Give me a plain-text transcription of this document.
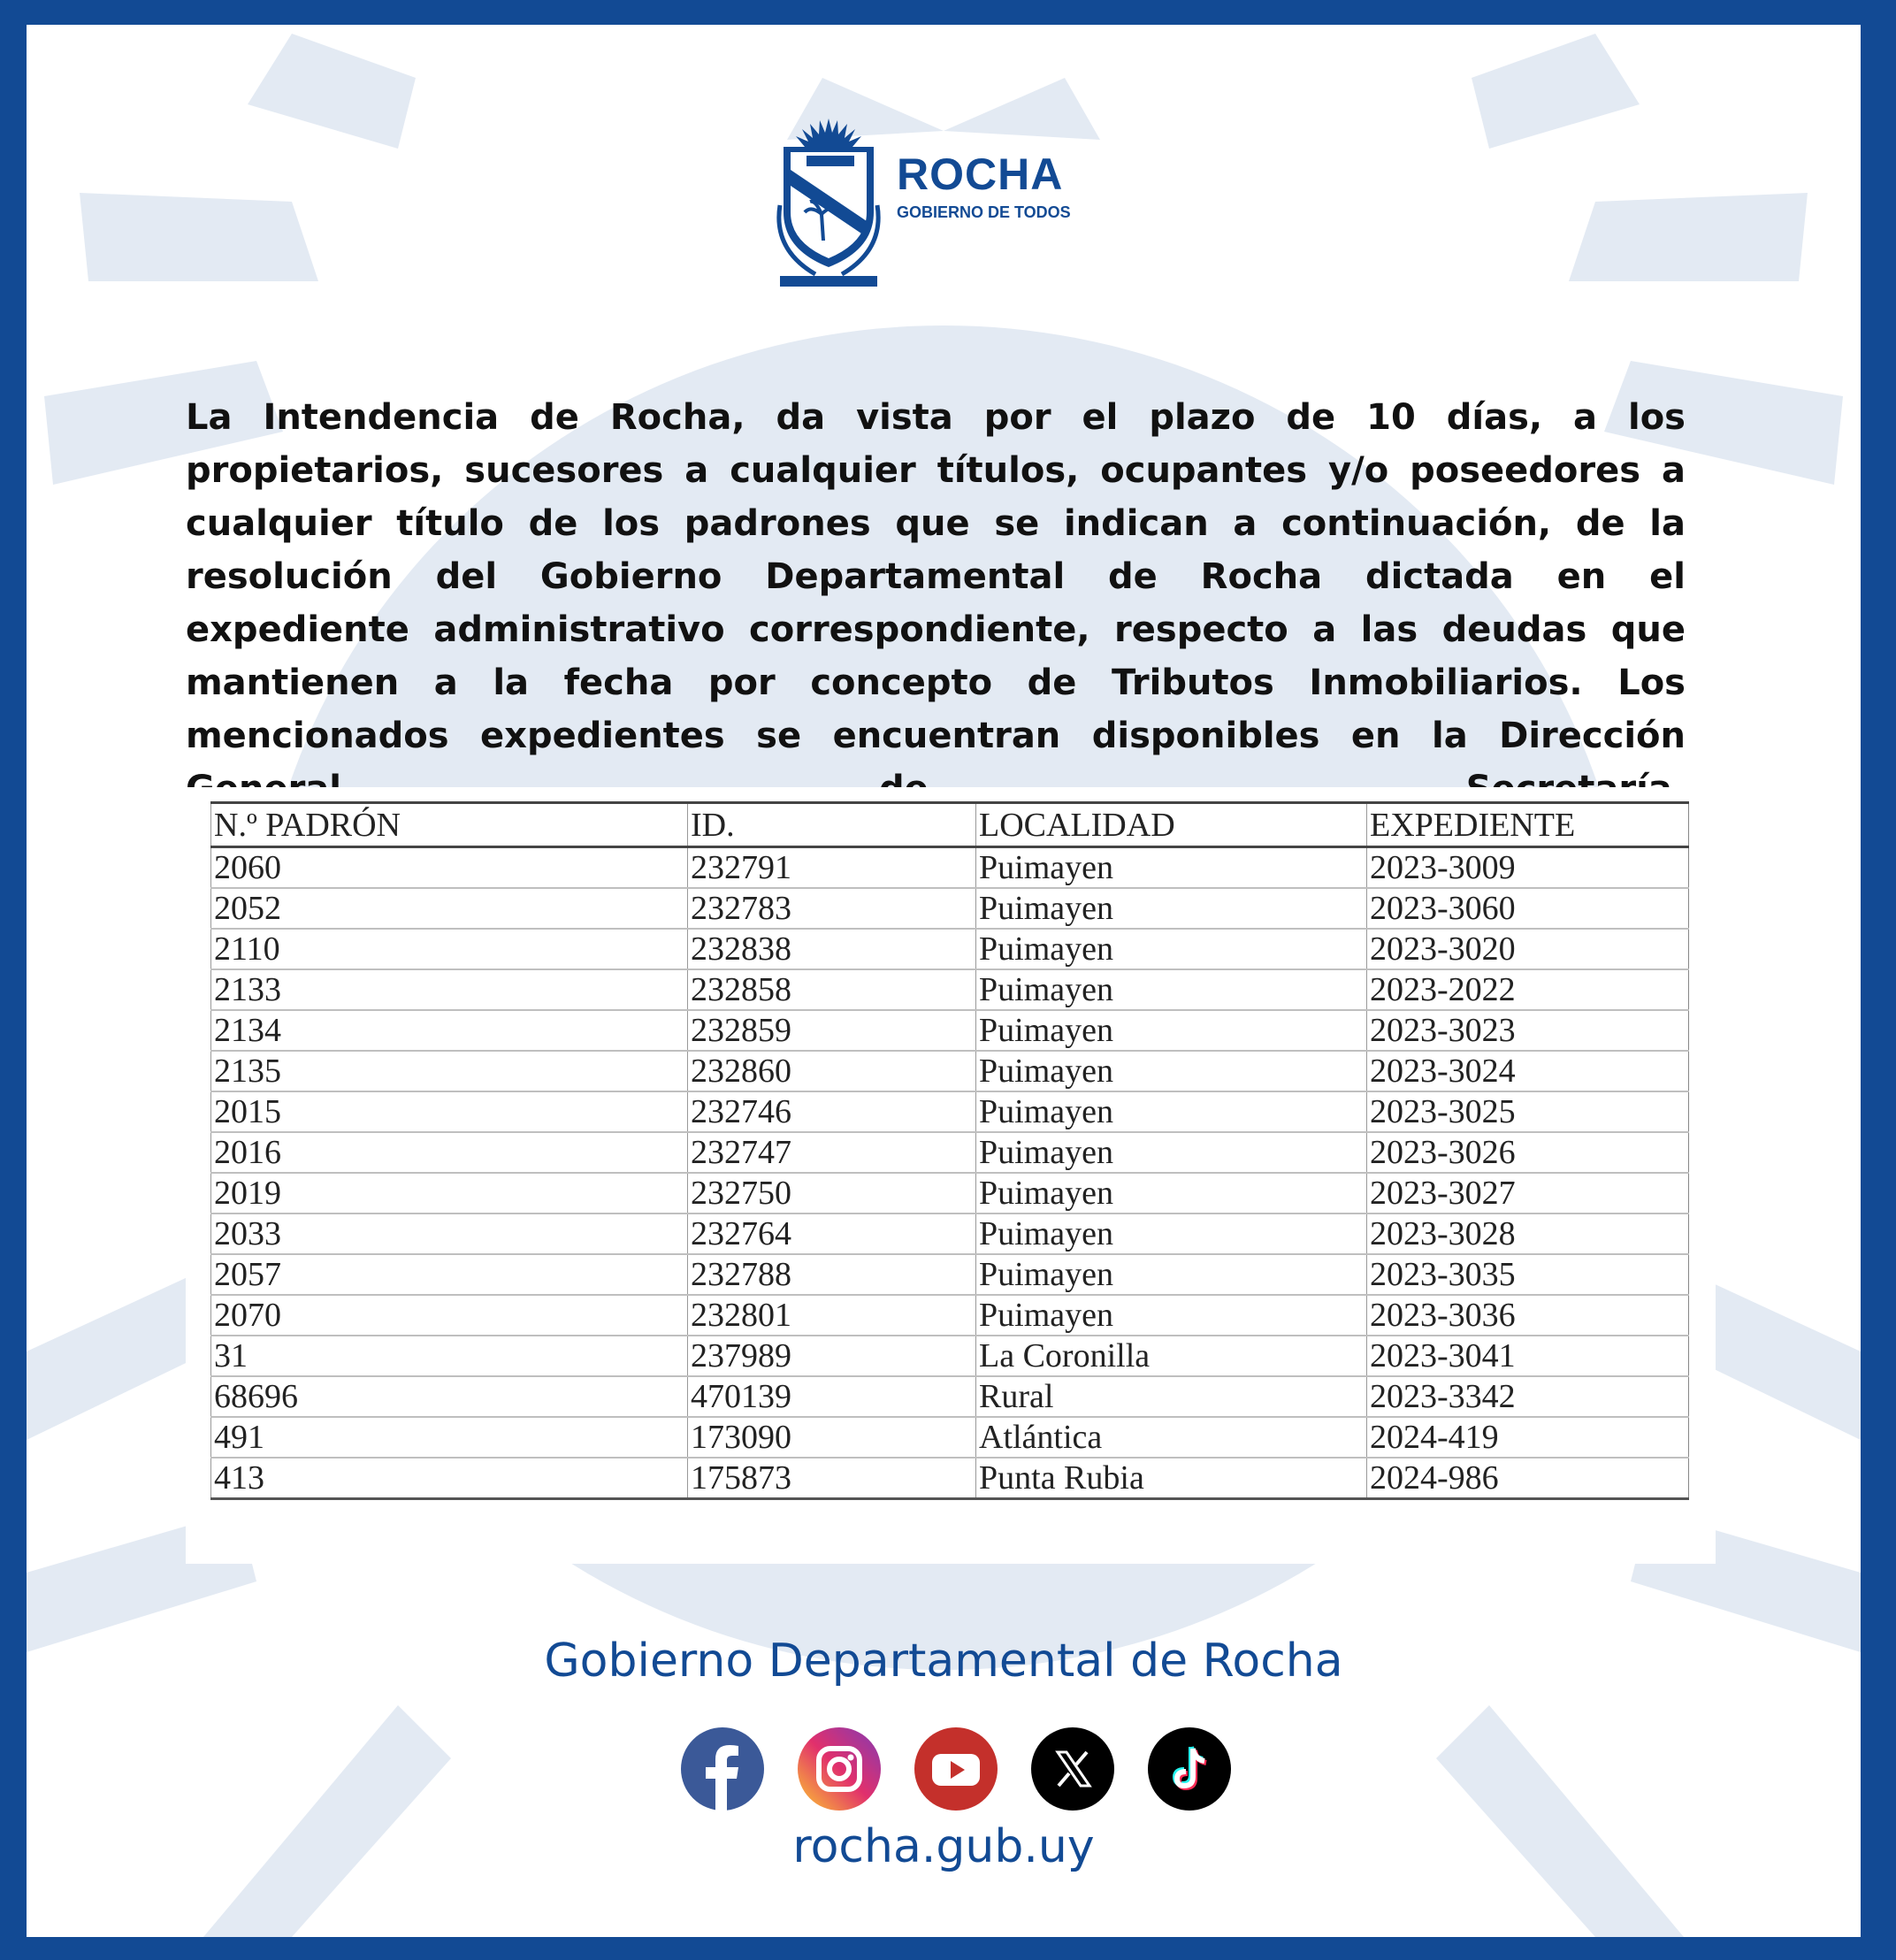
ROCHA
GOBIERNO DE TODOS
La Intendencia de Rocha, da vista por el plazo de 10 días, a los propietarios, sucesores a cualquier títulos, ocupantes y/o poseedores a cualquier título de los padrones que se indican a continuación, de la resolución del Gobierno Departamental de Rocha dictada en el expediente administrativo correspondiente, respecto a las deudas que mantienen a la fecha por concepto de Tributos Inmobiliarios. Los mencionados expedientes se encuentran disponibles en la Dirección
N.º PADRÓN	ID.	LOCALIDAD	EXPEDIENTE
2060	232791	Puimayen	2023-3009
2052	232783	Puimayen	2023-3060
2110	232838	Puimayen	2023-3020
2133	232858	Puimayen	2023-2022
2134	232859	Puimayen	2023-3023
2135	232860	Puimayen	2023-3024
2015	232746	Puimayen	2023-3025
2016	232747	Puimayen	2023-3026
2019	232750	Puimayen	2023-3027
2033	232764	Puimayen	2023-3028
2057	232788	Puimayen	2023-3035
2070	232801	Puimayen	2023-3036
31	237989	La Coronilla	2023-3041
68696	470139	Rural	2023-3342
491	173090	Atlántica	2024-419
413	175873	Punta Rubia	2024-986
Gobierno Departamental de Rocha
rocha.gub.uy
